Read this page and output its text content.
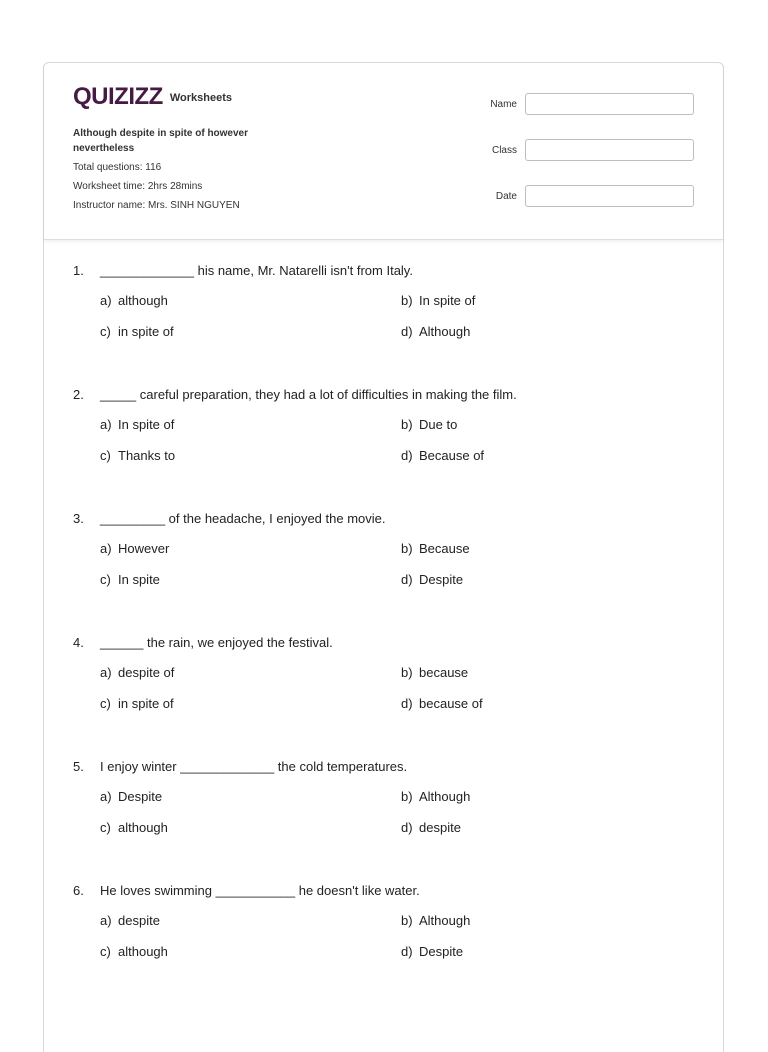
QUIZIZZ Worksheets
Although despite in spite of however nevertheless
Total questions: 116
Worksheet time: 2hrs 28mins
Instructor name: Mrs. SINH NGUYEN
Name
Class
Date
1.	_____________ his name, Mr. Natarelli isn't from Italy.
a) although	b) In spite of
c) in spite of	d) Although
2.	_____ careful preparation, they had a lot of difficulties in making the film.
a) In spite of	b) Due to
c) Thanks to	d) Because of
3.	_________ of the headache, I enjoyed the movie.
a) However	b) Because
c) In spite	d) Despite
4.	______ the rain, we enjoyed the festival.
a) despite of	b) because
c) in spite of	d) because of
5.	I enjoy winter _____________ the cold temperatures.
a) Despite	b) Although
c) although	d) despite
6.	He loves swimming ___________ he doesn't like water.
a) despite	b) Although
c) although	d) Despite
